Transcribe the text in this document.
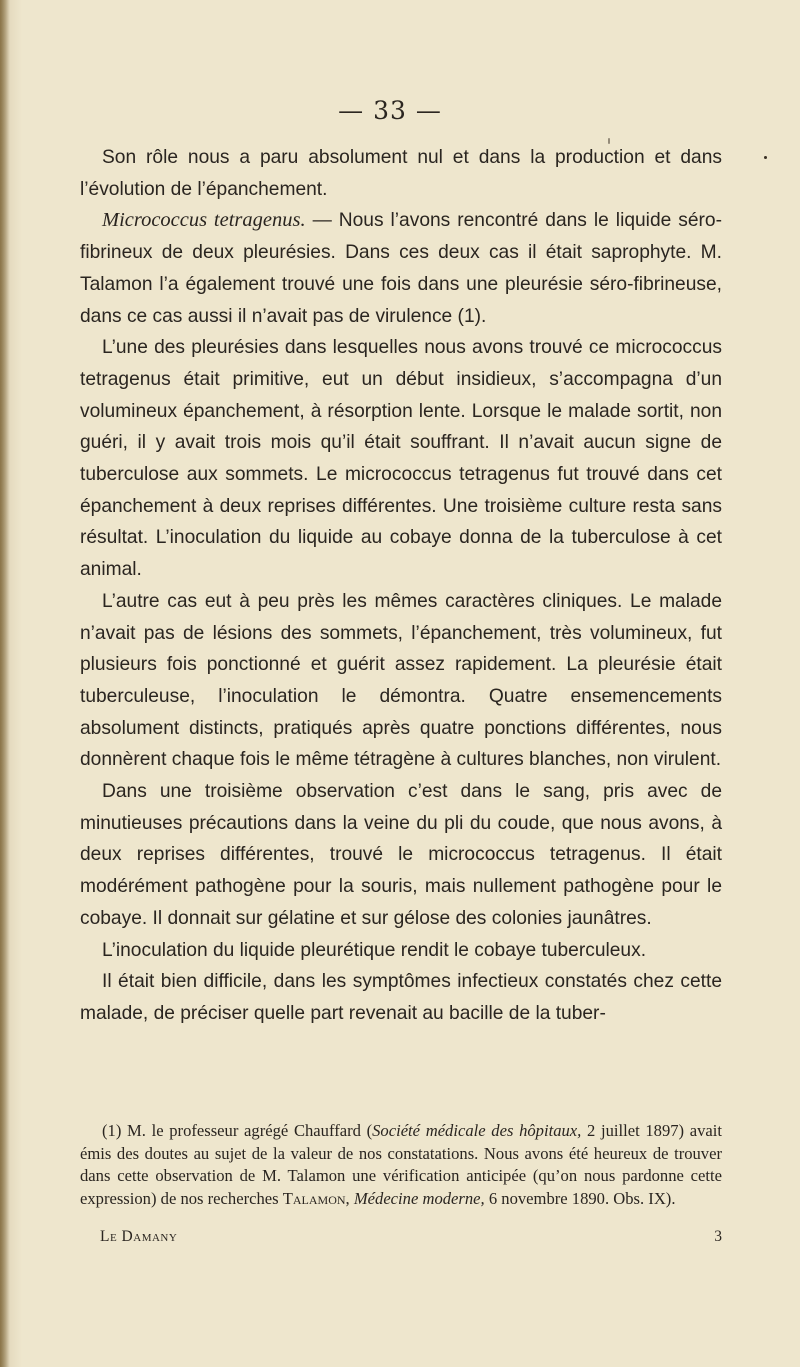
— 33 —

Son rôle nous a paru absolument nul et dans la production et dans l’évolution de l’épanchement.

Micrococcus tetragenus. — Nous l’avons rencontré dans le liquide séro-fibrineux de deux pleurésies. Dans ces deux cas il était saprophyte. M. Talamon l’a également trouvé une fois dans une pleurésie séro-fibrineuse, dans ce cas aussi il n’avait pas de virulence (1).

L’une des pleurésies dans lesquelles nous avons trouvé ce micrococcus tetragenus était primitive, eut un début insidieux, s’accompagna d’un volumineux épanchement, à résorption lente. Lorsque le malade sortit, non guéri, il y avait trois mois qu’il était souffrant. Il n’avait aucun signe de tuberculose aux sommets. Le micrococcus tetragenus fut trouvé dans cet épanchement à deux reprises différentes. Une troisième culture resta sans résultat. L’inoculation du liquide au cobaye donna de la tuberculose à cet animal.

L’autre cas eut à peu près les mêmes caractères cliniques. Le malade n’avait pas de lésions des sommets, l’épanchement, très volumineux, fut plusieurs fois ponctionné et guérit assez rapidement. La pleurésie était tuberculeuse, l’inoculation le démontra. Quatre ensemencements absolument distincts, pratiqués après quatre ponctions différentes, nous donnèrent chaque fois le même tétragène à cultures blanches, non virulent.

Dans une troisième observation c’est dans le sang, pris avec de minutieuses précautions dans la veine du pli du coude, que nous avons, à deux reprises différentes, trouvé le micrococcus tetragenus. Il était modérément pathogène pour la souris, mais nullement pathogène pour le cobaye. Il donnait sur gélatine et sur gélose des colonies jaunâtres.

L’inoculation du liquide pleurétique rendit le cobaye tuberculeux.

Il était bien difficile, dans les symptômes infectieux constatés chez cette malade, de préciser quelle part revenait au bacille de la tuber-

(1) M. le professeur agrégé Chauffard (Société médicale des hôpitaux, 2 juillet 1897) avait émis des doutes au sujet de la valeur de nos constatations. Nous avons été heureux de trouver dans cette observation de M. Talamon une vérification anticipée (qu’on nous pardonne cette expression) de nos recherches Talamon, Médecine moderne, 6 novembre 1890. Obs. IX).

Le Damany	3
